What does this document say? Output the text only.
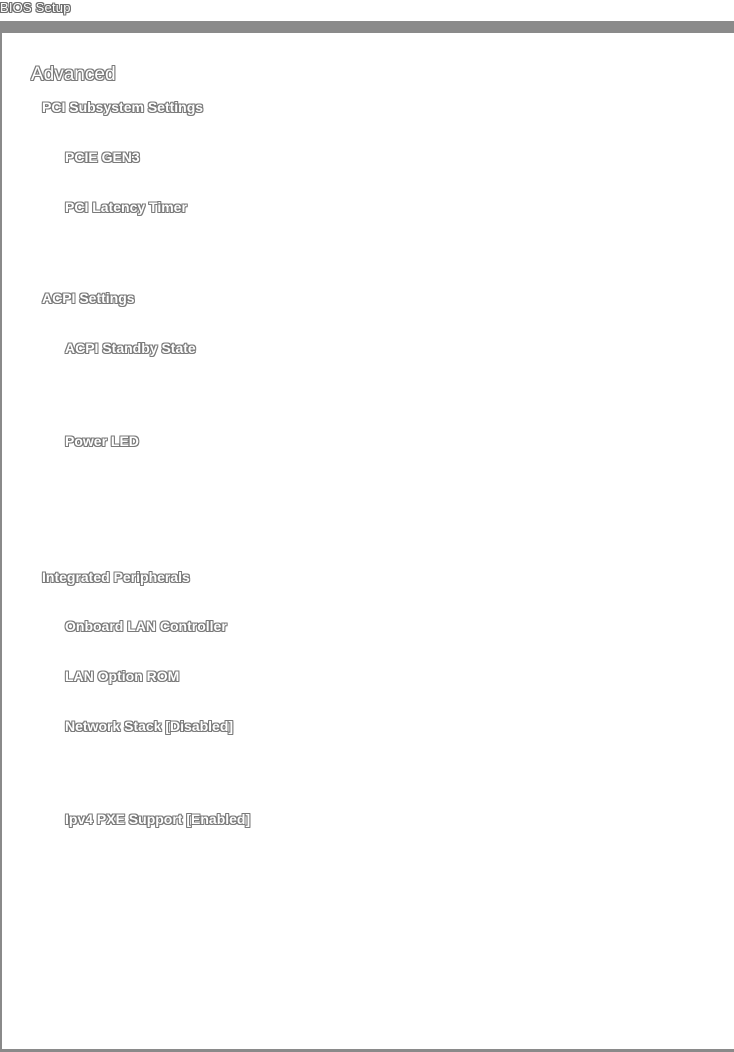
BIOS Setup
Advanced
PCI Subsystem Settings
PCIE GEN3
PCI Latency Timer
ACPI Settings
ACPI Standby State
Power LED
Integrated Peripherals
Onboard LAN Controller
LAN Option ROM
Network Stack [Disabled]
Ipv4 PXE Support [Enabled]
